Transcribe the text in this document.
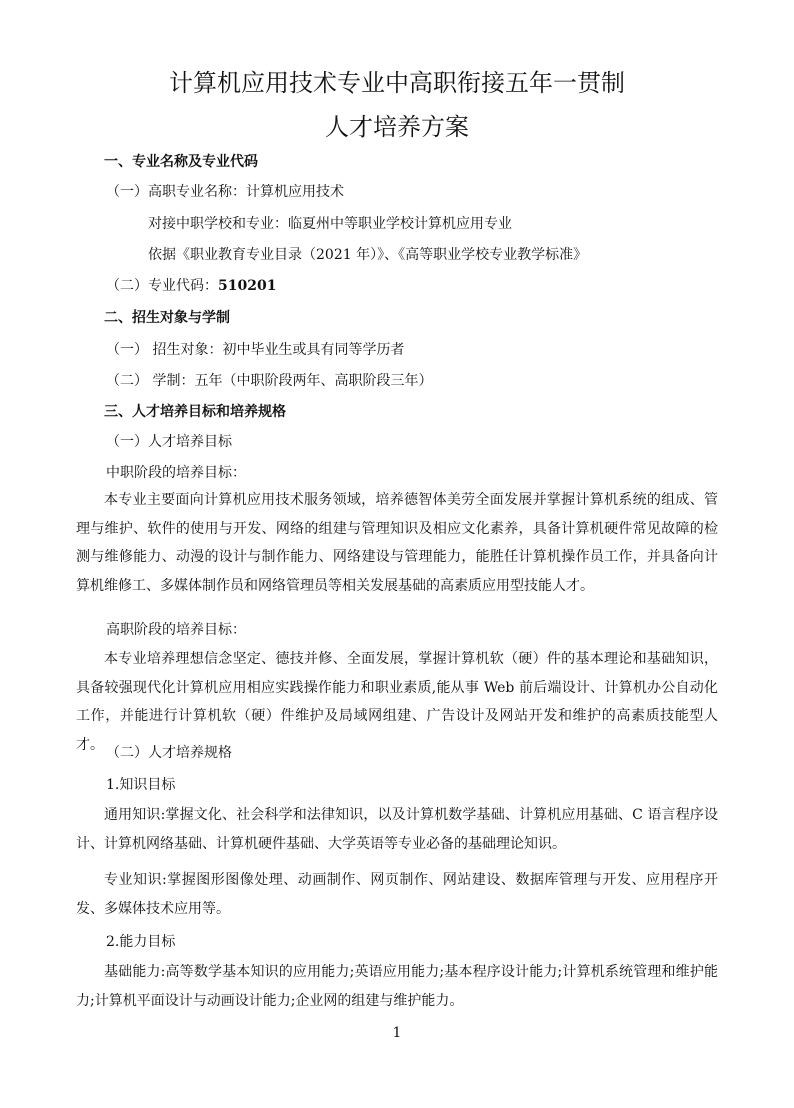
计算机应用技术专业中高职衔接五年一贯制
人才培养方案
一、专业名称及专业代码
（一）高职专业名称：计算机应用技术
对接中职学校和专业：临夏州中等职业学校计算机应用专业
依据《职业教育专业目录（2021 年）》、《高等职业学校专业教学标准》
（二）专业代码：510201
二、招生对象与学制
（一） 招生对象：初中毕业生或具有同等学历者
（二） 学制：五年（中职阶段两年、高职阶段三年）
三、人才培养目标和培养规格
（一）人才培养目标
中职阶段的培养目标：
本专业主要面向计算机应用技术服务领域，培养德智体美劳全面发展并掌握计算机系统的组成、管理与维护、软件的使用与开发、网络的组建与管理知识及相应文化素养，具备计算机硬件常见故障的检测与维修能力、动漫的设计与制作能力、网络建设与管理能力，能胜任计算机操作员工作，并具备向计算机维修工、多媒体制作员和网络管理员等相关发展基础的高素质应用型技能人才。
高职阶段的培养目标：
本专业培养理想信念坚定、德技并修、全面发展，掌握计算机软（硬）件的基本理论和基础知识，具备较强现代化计算机应用相应实践操作能力和职业素质,能从事 Web 前后端设计、计算机办公自动化工作，并能进行计算机软（硬）件维护及局域网组建、广告设计及网站开发和维护的高素质技能型人才。
（二）人才培养规格
1.知识目标
通用知识:掌握文化、社会科学和法律知识，以及计算机数学基础、计算机应用基础、C 语言程序设计、计算机网络基础、计算机硬件基础、大学英语等专业必备的基础理论知识。
专业知识:掌握图形图像处理、动画制作、网页制作、网站建设、数据库管理与开发、应用程序开发、多媒体技术应用等。
2.能力目标
基础能力:高等数学基本知识的应用能力;英语应用能力;基本程序设计能力;计算机系统管理和维护能力;计算机平面设计与动画设计能力;企业网的组建与维护能力。
1
